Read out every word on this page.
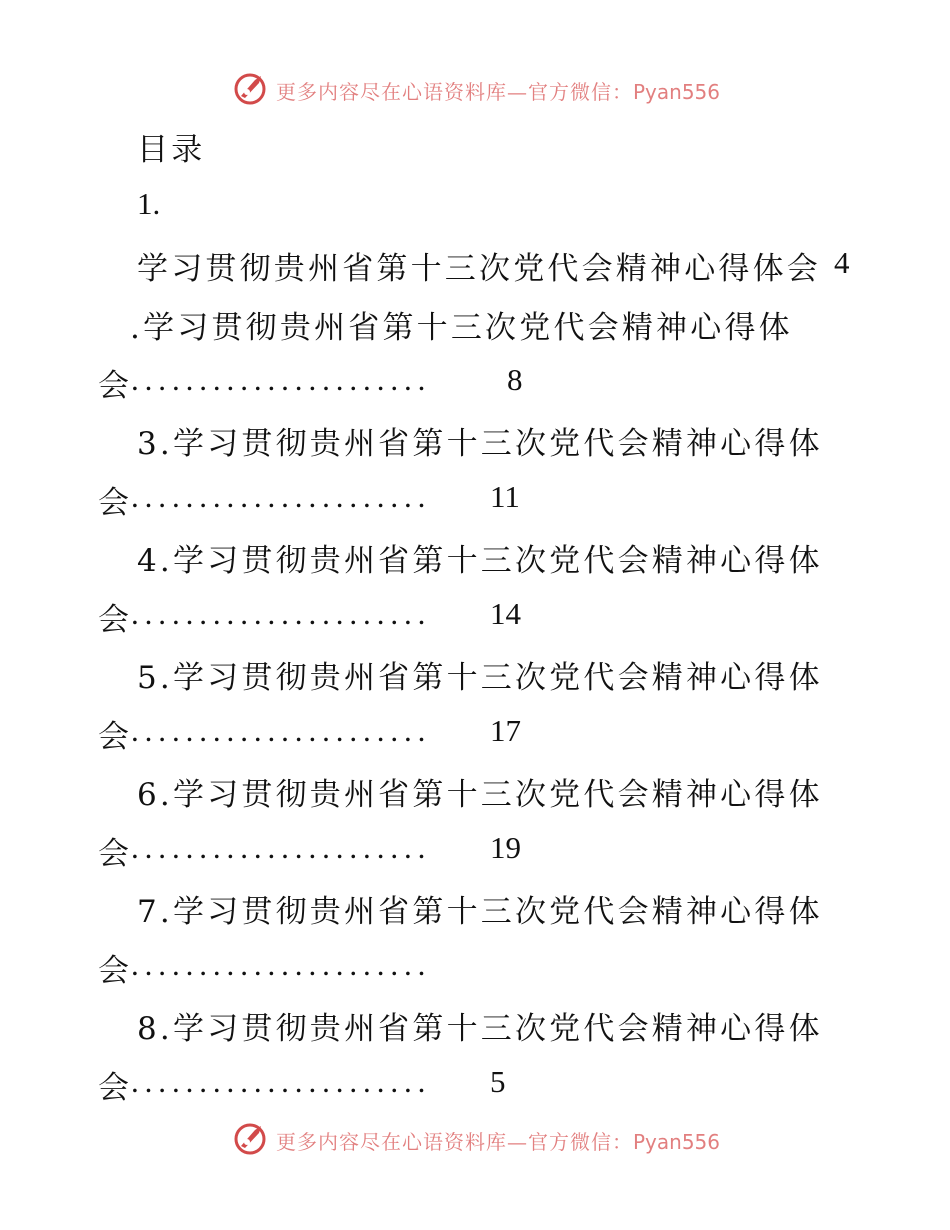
更多内容尽在心语资料库—官方微信：Pyan556
目录
1.
学习贯彻贵州省第十三次党代会精神心得体会 4
.学习贯彻贵州省第十三次党代会精神心得体
会
...................... 8
3.学习贯彻贵州省第十三次党代会精神心得体
会
...................... 11
4.学习贯彻贵州省第十三次党代会精神心得体
会
...................... 14
5.学习贯彻贵州省第十三次党代会精神心得体
会
...................... 17
6.学习贯彻贵州省第十三次党代会精神心得体
会
...................... 19
7.学习贯彻贵州省第十三次党代会精神心得体
会
......................
8.学习贯彻贵州省第十三次党代会精神心得体
会
...................... 5
更多内容尽在心语资料库—官方微信：Pyan556
